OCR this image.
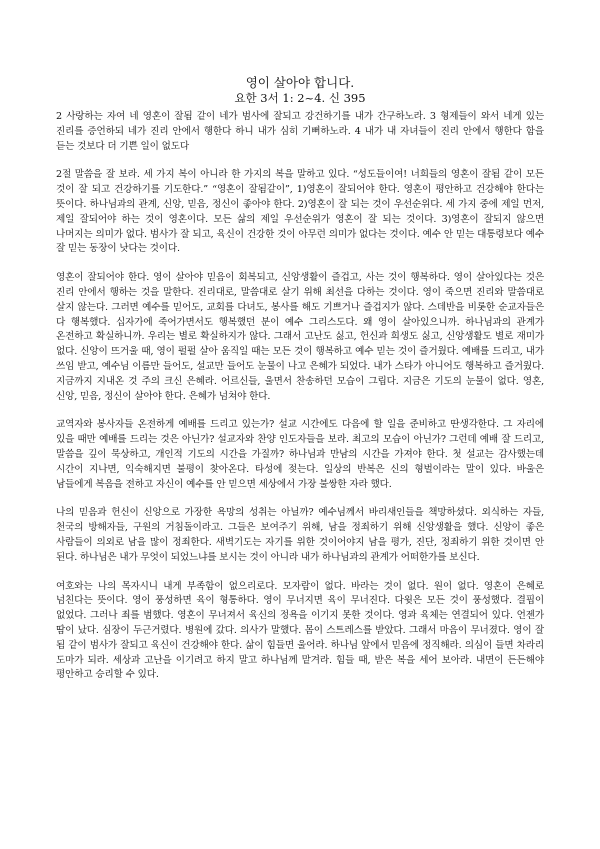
영이 살아야 합니다.
요한 3서 1: 2~4. 신 395

2 사랑하는 자여 네 영혼이 잘됨 같이 네가 범사에 잘되고 강건하기를 내가 간구하노라. 3 형제들이 와서 네게 있는 진리를 증언하되 네가 진리 안에서 행한다 하니 내가 심히 기뻐하노라. 4 내가 내 자녀들이 진리 안에서 행한다 함을 듣는 것보다 더 기쁜 일이 없도다

2절 말씀을 잘 보라. 세 가지 복이 아니라 한 가지의 복을 말하고 있다. “성도들이여! 너희들의 영혼이 잘됨 같이 모든 것이 잘 되고 건강하기를 기도한다.” “영혼이 잘됨같이”, 1)영혼이 잘되어야 한다. 영혼이 평안하고 건강해야 한다는 뜻이다. 하나님과의 관계, 신앙, 믿음, 정신이 좋아야 한다. 2)영혼이 잘 되는 것이 우선순위다. 세 가지 중에 제일 먼저, 제일 잘되어야 하는 것이 영혼이다. 모든 삶의 제일 우선순위가 영혼이 잘 되는 것이다. 3)영혼이 잘되지 않으면 나머지는 의미가 없다. 범사가 잘 되고, 육신이 건강한 것이 아무런 의미가 없다는 것이다. 예수 안 믿는 대통령보다 예수 잘 믿는 동장이 낫다는 것이다.

영혼이 잘되어야 한다. 영이 살아야 믿음이 회복되고, 신앙생활이 즐겁고, 사는 것이 행복하다. 영이 살아있다는 것은 진리 안에서 행하는 것을 말한다. 진리대로, 말씀대로 살기 위해 최선을 다하는 것이다. 영이 죽으면 진리와 말씀대로 살지 않는다. 그러면 예수를 믿어도, 교회를 다녀도, 봉사를 해도 기쁘거나 즐겁지가 않다. 스데반을 비롯한 순교자들은 다 행복했다. 십자가에 죽어가면서도 행복했던 분이 예수 그리스도다. 왜 영이 살아있으니까. 하나님과의 관계가 온전하고 확실하니까. 우리는 별로 확실하지가 않다. 그래서 고난도 싫고, 헌신과 희생도 싫고, 신앙생활도 별로 재미가 없다. 신앙이 뜨거울 때, 영이 펄펄 살아 움직일 때는 모든 것이 행복하고 예수 믿는 것이 즐거웠다. 예배를 드리고, 내가 쓰임 받고, 예수님 이름만 들어도, 설교만 들어도 눈물이 나고 은혜가 되었다. 내가 스타가 아니어도 행복하고 즐거웠다. 지금까지 지내온 것 주의 크신 은혜라. 어르신들, 울면서 찬송하던 모습이 그립다. 지금은 기도의 눈물이 없다. 영혼, 신앙, 믿음, 정신이 살아야 한다. 은혜가 넘쳐야 한다.

교역자와 봉사자들 온전하게 예배를 드리고 있는가? 설교 시간에도 다음에 할 일을 준비하고 딴생각한다. 그 자리에 있을 때만 예배를 드리는 것은 아닌가? 설교자와 찬양 인도자들을 보라. 최고의 모습이 아닌가? 그런데 예배 잘 드리고, 말씀을 깊이 묵상하고, 개인적 기도의 시간을 가질까? 하나님과 만남의 시간을 가져야 한다. 첫 설교는 감사했는데 시간이 지나면, 익숙해지면 불평이 찾아온다. 타성에 젖는다. 일상의 반복은 신의 형벌이라는 말이 있다. 바울은 남들에게 복음을 전하고 자신이 예수를 안 믿으면 세상에서 가장 불쌍한 자라 했다.

나의 믿음과 헌신이 신앙으로 가장한 욕망의 성취는 아닐까? 예수님께서 바리새인들을 책망하셨다. 외식하는 자들, 천국의 방해자들, 구원의 거침돌이라고. 그들은 보여주기 위해, 남을 정죄하기 위해 신앙생활을 했다. 신앙이 좋은 사람들이 의외로 남을 많이 정죄한다. 새벽기도는 자기를 위한 것이어야지 남을 평가, 진단, 정죄하기 위한 것이면 안 된다. 하나님은 내가 무엇이 되었느냐를 보시는 것이 아니라 내가 하나님과의 관계가 어떠한가를 보신다.

여호와는 나의 목자시니 내게 부족함이 없으리로다. 모자람이 없다. 바라는 것이 없다. 원이 없다. 영혼이 은혜로 넘친다는 뜻이다. 영이 풍성하면 육이 형통하다. 영이 무너지면 육이 무너진다. 다윗은 모든 것이 풍성했다. 결핍이 없었다. 그러나 죄를 범했다. 영혼이 무너져서 육신의 정욕을 이기지 못한 것이다. 영과 육체는 연결되어 있다. 언젠가 땀이 났다. 심장이 두근거렸다. 병원에 갔다. 의사가 말했다. 몸이 스트레스를 받았다. 그래서 마음이 무너졌다. 영이 잘 됨 같이 범사가 잘되고 육신이 건강해야 한다. 삶이 힘들면 울어라. 하나님 앞에서 믿음에 정직해라. 의심이 들면 차라리 도마가 되라. 세상과 고난을 이기려고 하지 말고 하나님께 맡겨라. 힘들 때, 받은 복을 세어 보아라. 내면이 든든해야 평안하고 승리할 수 있다.
